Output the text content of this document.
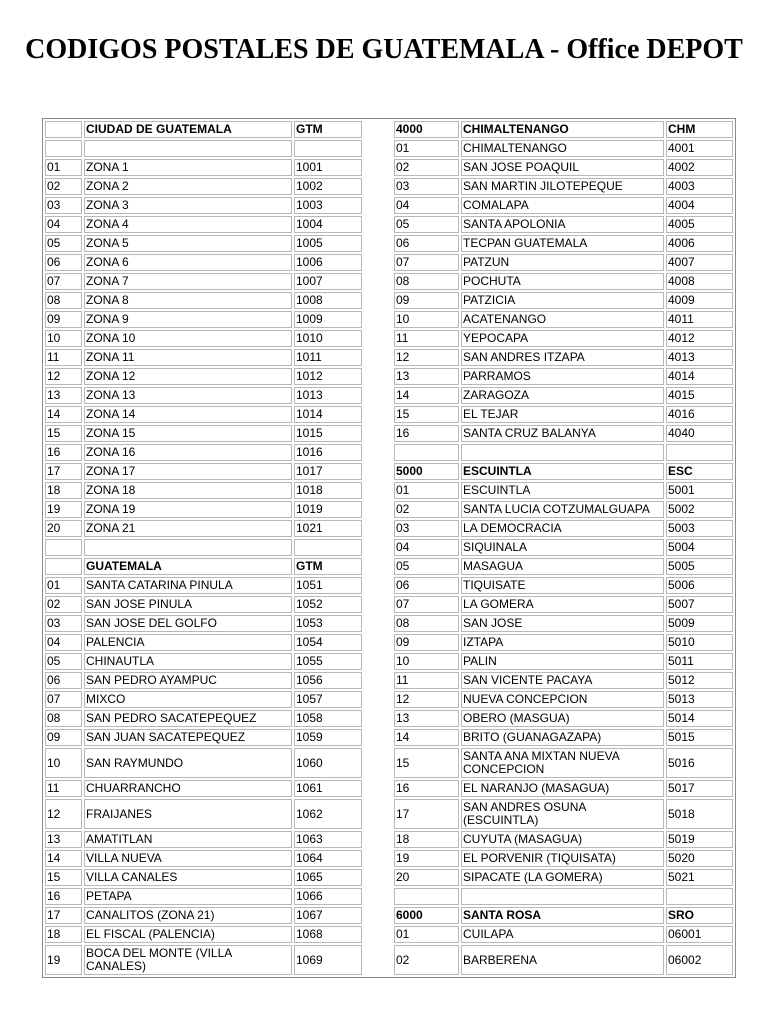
CODIGOS POSTALES DE GUATEMALA - Office DEPOT
	CIUDAD DE GUATEMALA	GTM		4000	CHIMALTENANGO	CHM
				01	CHIMALTENANGO	4001
01	ZONA 1	1001		02	SAN JOSE POAQUIL	4002
02	ZONA 2	1002		03	SAN MARTIN JILOTEPEQUE	4003
03	ZONA 3	1003		04	COMALAPA	4004
04	ZONA 4	1004		05	SANTA APOLONIA	4005
05	ZONA 5	1005		06	TECPAN GUATEMALA	4006
06	ZONA 6	1006		07	PATZUN	4007
07	ZONA 7	1007		08	POCHUTA	4008
08	ZONA 8	1008		09	PATZICIA	4009
09	ZONA 9	1009		10	ACATENANGO	4011
10	ZONA 10	1010		11	YEPOCAPA	4012
11	ZONA 11	1011		12	SAN ANDRES ITZAPA	4013
12	ZONA 12	1012		13	PARRAMOS	4014
13	ZONA 13	1013		14	ZARAGOZA	4015
14	ZONA 14	1014		15	EL TEJAR	4016
15	ZONA 15	1015		16	SANTA CRUZ BALANYA	4040
16	ZONA 16	1016				
17	ZONA 17	1017		5000	ESCUINTLA	ESC
18	ZONA 18	1018		01	ESCUINTLA	5001
19	ZONA 19	1019		02	SANTA LUCIA COTZUMALGUAPA	5002
20	ZONA 21	1021		03	LA DEMOCRACIA	5003
				04	SIQUINALA	5004
	GUATEMALA	GTM		05	MASAGUA	5005
01	SANTA CATARINA PINULA	1051		06	TIQUISATE	5006
02	SAN JOSE PINULA	1052		07	LA GOMERA	5007
03	SAN JOSE DEL GOLFO	1053		08	SAN JOSE	5009
04	PALENCIA	1054		09	IZTAPA	5010
05	CHINAUTLA	1055		10	PALIN	5011
06	SAN PEDRO AYAMPUC	1056		11	SAN VICENTE PACAYA	5012
07	MIXCO	1057		12	NUEVA CONCEPCION	5013
08	SAN PEDRO SACATEPEQUEZ	1058		13	OBERO (MASGUA)	5014
09	SAN JUAN SACATEPEQUEZ	1059		14	BRITO (GUANAGAZAPA)	5015
10	SAN RAYMUNDO	1060		15	SANTA ANA MIXTAN NUEVA CONCEPCION	5016
11	CHUARRANCHO	1061		16	EL NARANJO (MASAGUA)	5017
12	FRAIJANES	1062		17	SAN ANDRES OSUNA (ESCUINTLA)	5018
13	AMATITLAN	1063		18	CUYUTA (MASAGUA)	5019
14	VILLA NUEVA	1064		19	EL PORVENIR (TIQUISATA)	5020
15	VILLA CANALES	1065		20	SIPACATE (LA GOMERA)	5021
16	PETAPA	1066				
17	CANALITOS (ZONA 21)	1067		6000	SANTA ROSA	SRO
18	EL FISCAL (PALENCIA)	1068		01	CUILAPA	06001
19	BOCA DEL MONTE (VILLA CANALES)	1069		02	BARBERENA	06002
